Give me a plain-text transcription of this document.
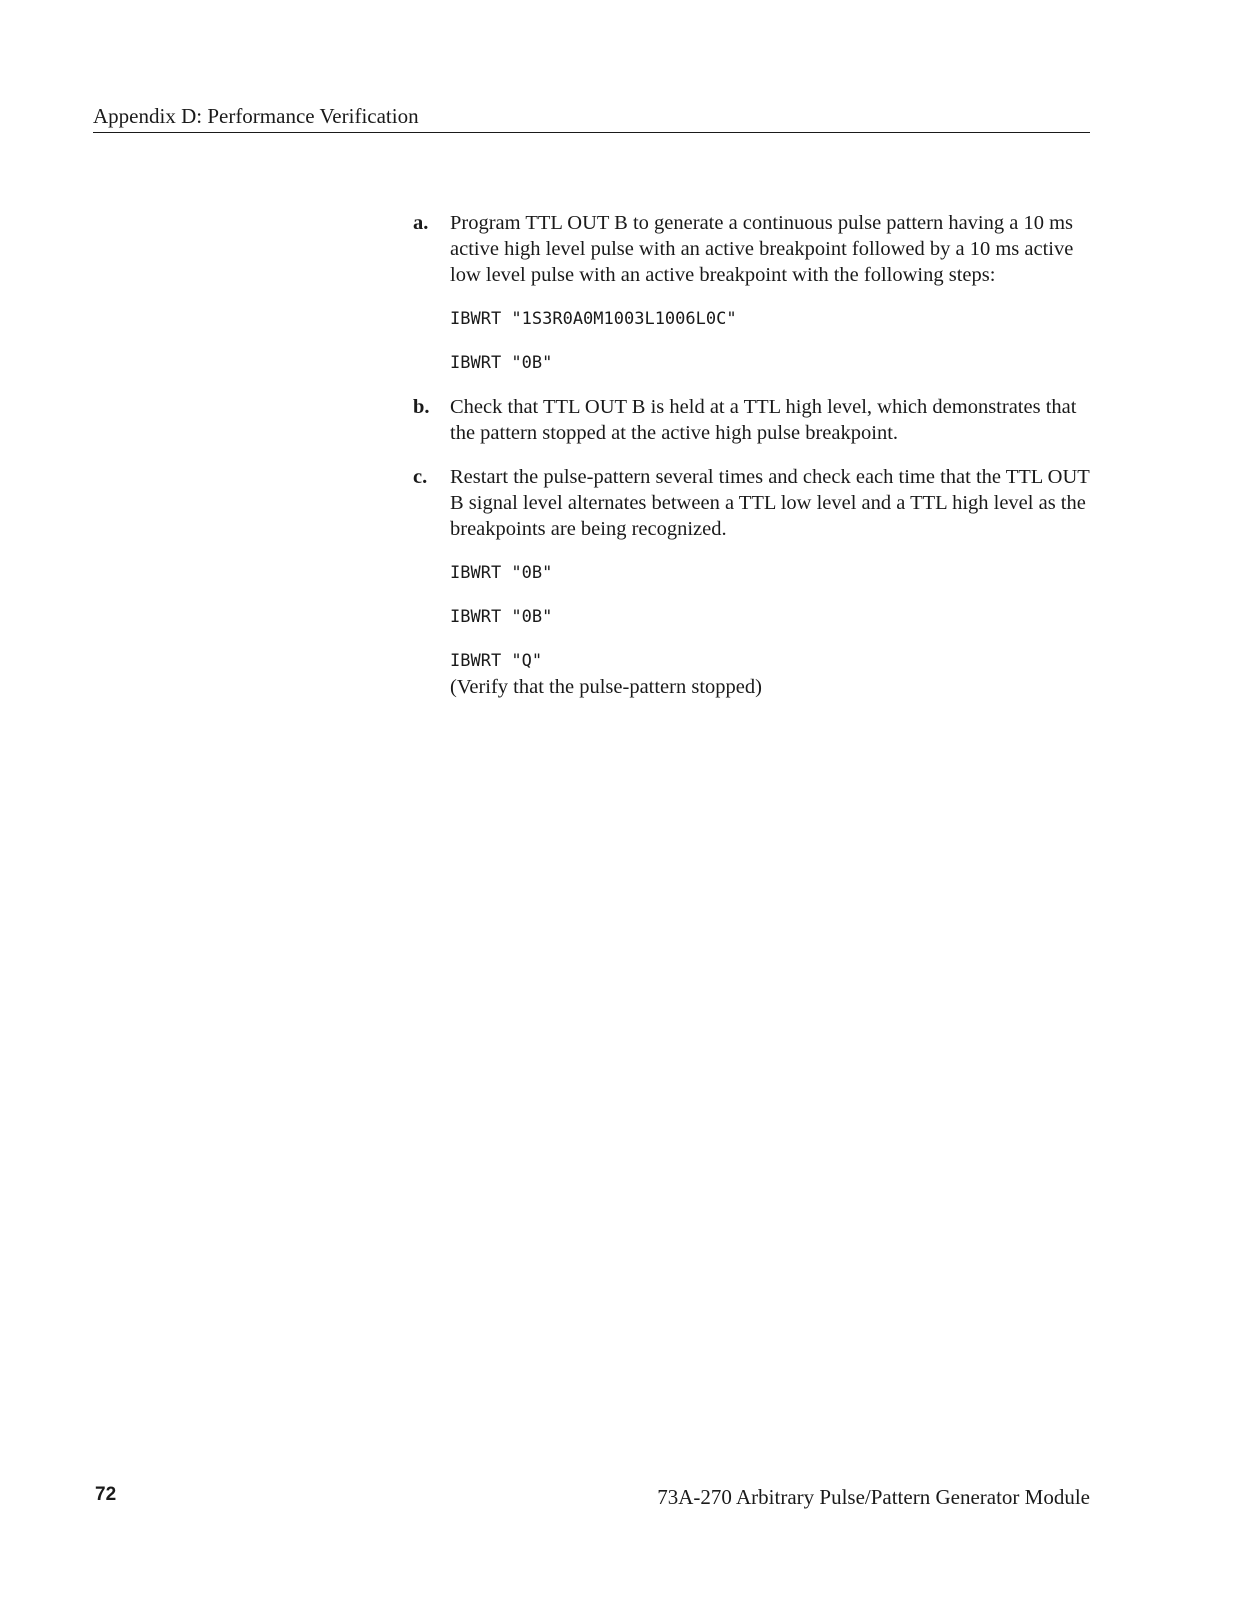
Appendix D: Performance Verification
a. Program TTL OUT B to generate a continuous pulse pattern having a 10 ms active high level pulse with an active breakpoint followed by a 10 ms active low level pulse with an active breakpoint with the following steps:
IBWRT "1S3R0A0M1003L1006L0C"
IBWRT "0B"
b. Check that TTL OUT B is held at a TTL high level, which demonstrates that the pattern stopped at the active high pulse breakpoint.
c. Restart the pulse-pattern several times and check each time that the TTL OUT B signal level alternates between a TTL low level and a TTL high level as the breakpoints are being recognized.
IBWRT "0B"
IBWRT "0B"
IBWRT "Q"
(Verify that the pulse-pattern stopped)
72	73A-270 Arbitrary Pulse/Pattern Generator Module
